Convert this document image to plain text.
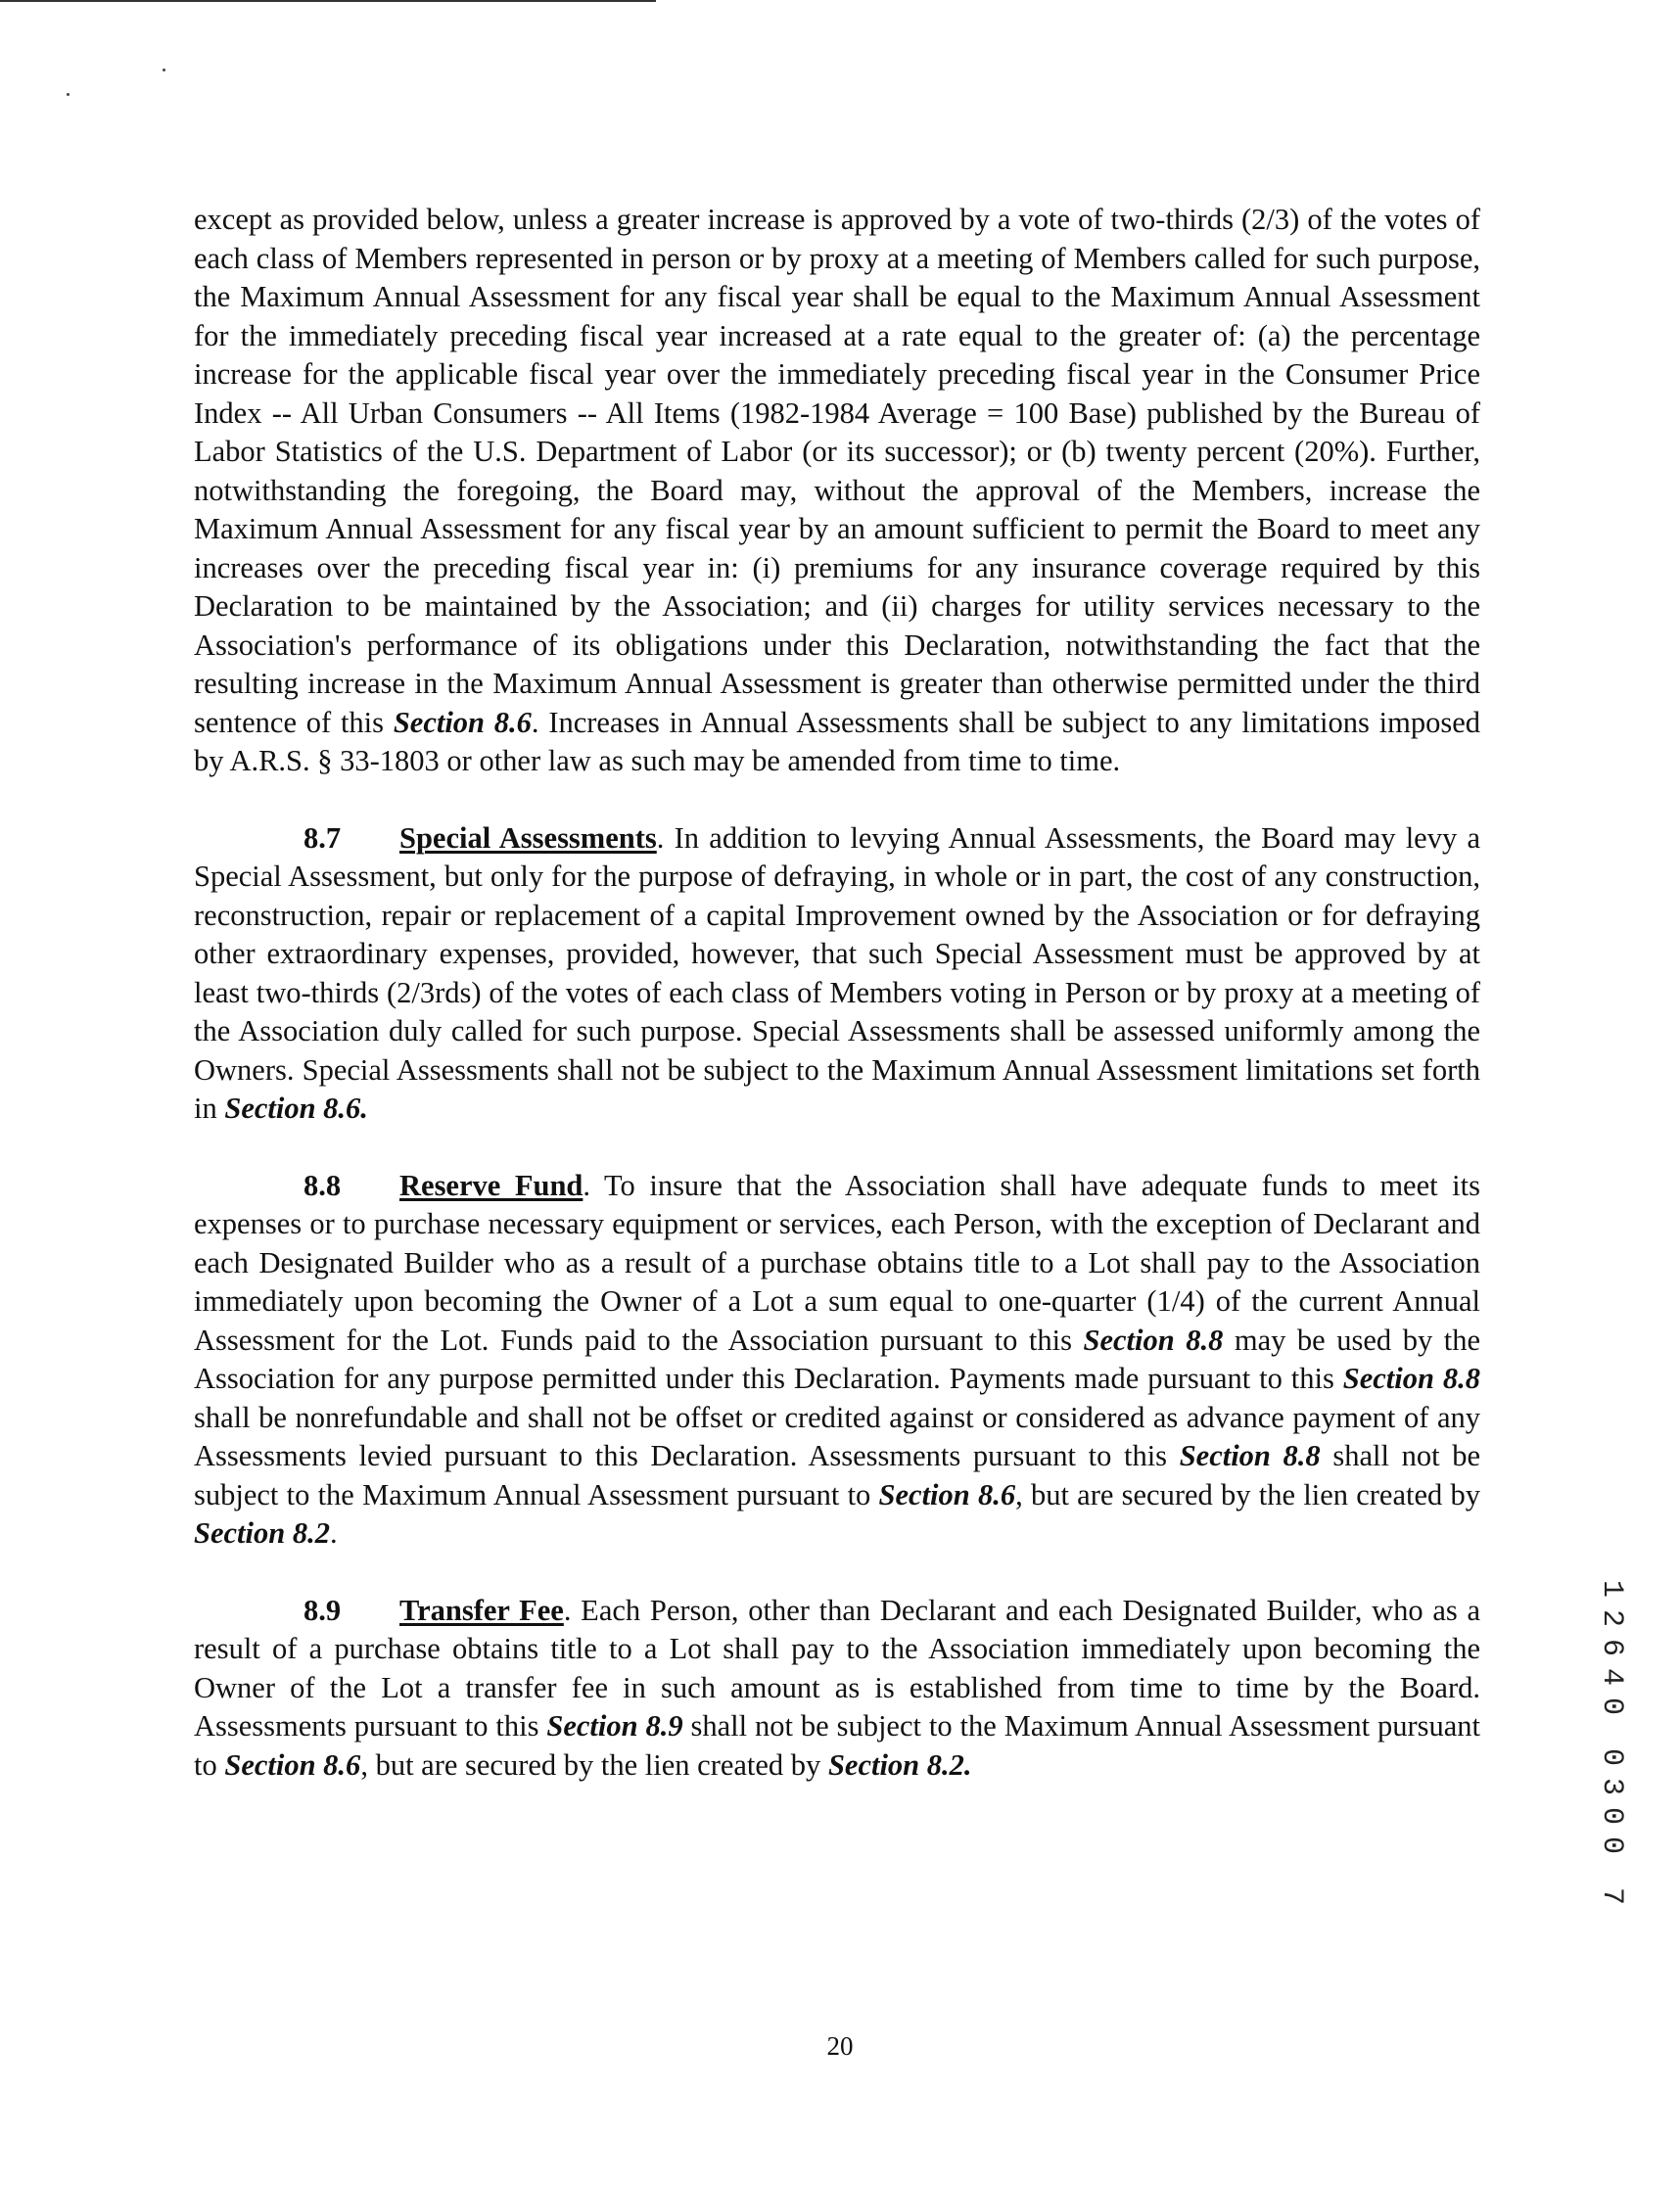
except as provided below, unless a greater increase is approved by a vote of two-thirds (2/3) of the votes of each class of Members represented in person or by proxy at a meeting of Members called for such purpose, the Maximum Annual Assessment for any fiscal year shall be equal to the Maximum Annual Assessment for the immediately preceding fiscal year increased at a rate equal to the greater of: (a) the percentage increase for the applicable fiscal year over the immediately preceding fiscal year in the Consumer Price Index -- All Urban Consumers -- All Items (1982-1984 Average = 100 Base) published by the Bureau of Labor Statistics of the U.S. Department of Labor (or its successor); or (b) twenty percent (20%). Further, notwithstanding the foregoing, the Board may, without the approval of the Members, increase the Maximum Annual Assessment for any fiscal year by an amount sufficient to permit the Board to meet any increases over the preceding fiscal year in: (i) premiums for any insurance coverage required by this Declaration to be maintained by the Association; and (ii) charges for utility services necessary to the Association's performance of its obligations under this Declaration, notwithstanding the fact that the resulting increase in the Maximum Annual Assessment is greater than otherwise permitted under the third sentence of this Section 8.6. Increases in Annual Assessments shall be subject to any limitations imposed by A.R.S. § 33-1803 or other law as such may be amended from time to time.

8.7 Special Assessments. In addition to levying Annual Assessments, the Board may levy a Special Assessment, but only for the purpose of defraying, in whole or in part, the cost of any construction, reconstruction, repair or replacement of a capital Improvement owned by the Association or for defraying other extraordinary expenses, provided, however, that such Special Assessment must be approved by at least two-thirds (2/3rds) of the votes of each class of Members voting in Person or by proxy at a meeting of the Association duly called for such purpose. Special Assessments shall be assessed uniformly among the Owners. Special Assessments shall not be subject to the Maximum Annual Assessment limitations set forth in Section 8.6.

8.8 Reserve Fund. To insure that the Association shall have adequate funds to meet its expenses or to purchase necessary equipment or services, each Person, with the exception of Declarant and each Designated Builder who as a result of a purchase obtains title to a Lot shall pay to the Association immediately upon becoming the Owner of a Lot a sum equal to one-quarter (1/4) of the current Annual Assessment for the Lot. Funds paid to the Association pursuant to this Section 8.8 may be used by the Association for any purpose permitted under this Declaration. Payments made pursuant to this Section 8.8 shall be nonrefundable and shall not be offset or credited against or considered as advance payment of any Assessments levied pursuant to this Declaration. Assessments pursuant to this Section 8.8 shall not be subject to the Maximum Annual Assessment pursuant to Section 8.6, but are secured by the lien created by Section 8.2.

8.9 Transfer Fee. Each Person, other than Declarant and each Designated Builder, who as a result of a purchase obtains title to a Lot shall pay to the Association immediately upon becoming the Owner of the Lot a transfer fee in such amount as is established from time to time by the Board. Assessments pursuant to this Section 8.9 shall not be subject to the Maximum Annual Assessment pursuant to Section 8.6, but are secured by the lien created by Section 8.2.

1
2
6
4
0
0
3
0
0
7
20
